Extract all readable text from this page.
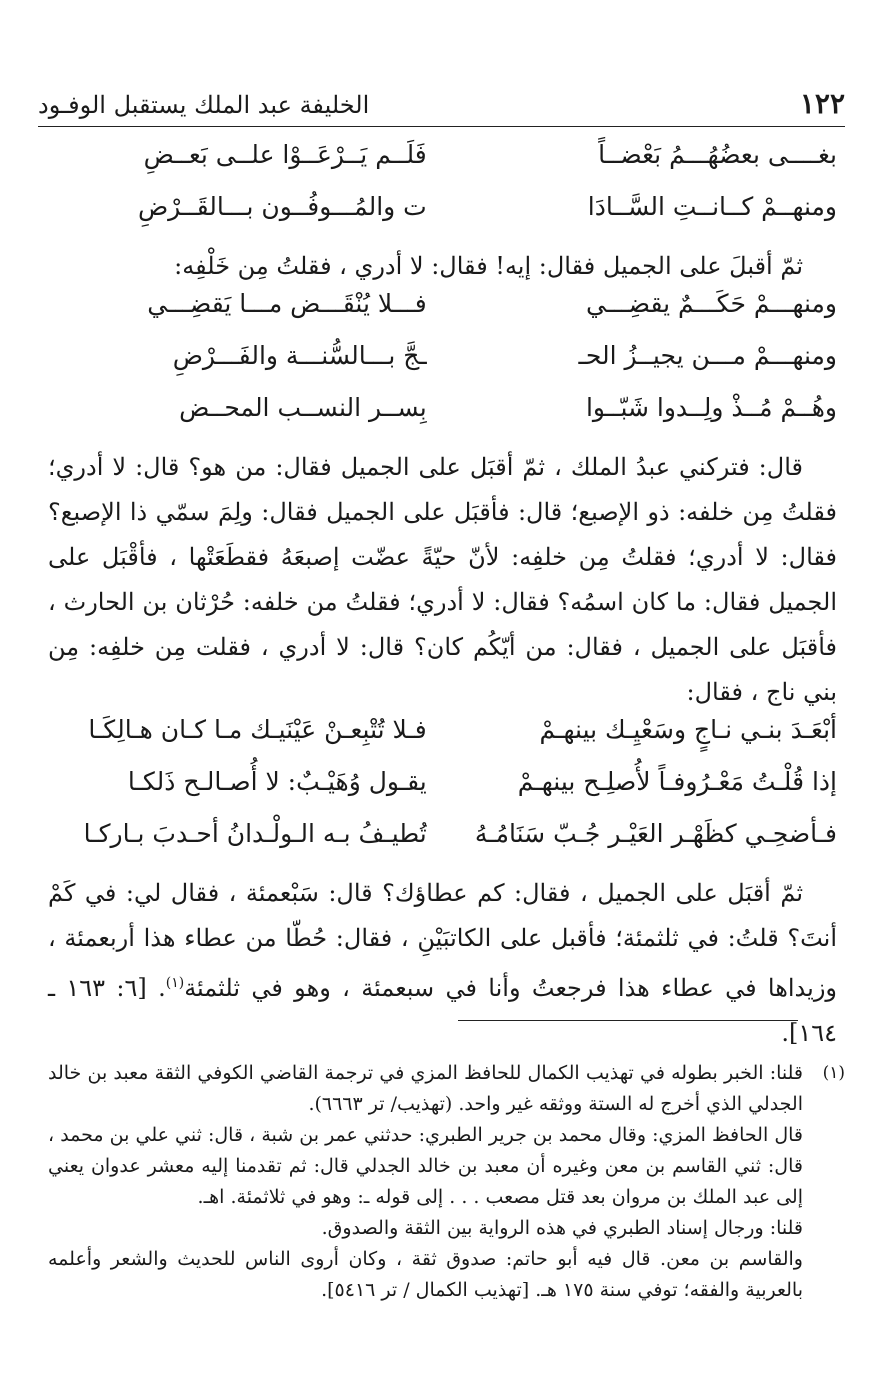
١٢٢
الخليفة عبد الملك يستقبل الوفـود
بغــــى بعضُهُـــمُ بَعْضــاً
فَلَــم يَــرْعَــوْا علــى بَعــضِ
ومنهــمْ كــانــتِ السَّــادَا
ت والمُـــوفُــون بـــالقَــرْضِ

ثمّ أقبلَ على الجميل فقال: إيه! فقال: لا أدري ، فقلتُ مِن خَلْفِه:

ومنهـــمْ حَكَـــمٌ يقضِـــي
فـــلا يُنْقَـــض مـــا يَقضِـــي
ومنهـــمْ مـــن يجيــزُ الحـ
ـجَّ بـــالسُّنـــة والفَـــرْضِ
وهُــمْ مُــذْ ولِــدوا شَبّــوا
بِســر النســب المحــض

قال: فتركني عبدُ الملك ، ثمّ أقبَل على الجميل فقال: من هو؟ قال: لا أدري؛ فقلتُ مِن خلفه: ذو الإصبع؛ قال: فأقبَل على الجميل فقال: ولِمَ سمّي ذا الإصبع؟ فقال: لا أدري؛ فقلتُ مِن خلفِه: لأنّ حيّةً عضّت إصبعَهُ فقطَعَتْها ، فأقْبَل على الجميل فقال: ما كان اسمُه؟ فقال: لا أدري؛ فقلتُ من خلفه: حُرْثان بن الحارث ، فأقبَل على الجميل ، فقال: من أيّكُم كان؟ قال: لا أدري ، فقلت مِن خلفِه: مِن بني ناج ، فقال:

أبْعَـدَ بنـي نـاجٍ وسَعْيِـك بينهـمْ
فـلا تُتْبِعـنْ عَيْنَيـك مـا كـان هـالِكَـا
إذا قُلْـتُ مَعْـرُوفـاً لأُصلِـح بينهـمْ
يقـول وُهَيْـبٌ: لا أُصـالـح ذَلكـا
فـأضحِـي كظَهْـر العَيْـر جُـبّ سَنَامُـهُ
تُطيـفُ بـه الـولْـدانُ أحـدبَ بـاركـا

ثمّ أقبَل على الجميل ، فقال: كم عطاؤك؟ قال: سَبْعمئة ، فقال لي: في كَمْ أنتَ؟ قلتُ: في ثلثمئة؛ فأقبل على الكاتبَيْنِ ، فقال: حُطّا من عطاء هذا أربعمئة ، وزيداها في عطاء هذا فرجعتُ وأنا في سبعمئة ، وهو في ثلثمئة$^{(١)}$. [٦: ١٦٣ ـ ١٦٤].

(١)

قلنا: الخبر بطوله في تهذيب الكمال للحافظ المزي في ترجمة القاضي الكوفي الثقة معبد بن خالد الجدلي الذي أخرج له الستة ووثقه غير واحد. (تهذيب/ تر ٦٦٦٣).

قال الحافظ المزي: وقال محمد بن جرير الطبري: حدثني عمر بن شبة ، قال: ثني علي بن محمد ، قال: ثني القاسم بن معن وغيره أن معبد بن خالد الجدلي قال: ثم تقدمنا إليه معشر عدوان يعني إلى عبد الملك بن مروان بعد قتل مصعب . . . إلى قوله ـ: وهو في ثلاثمئة. اهـ.

قلنا: ورجال إسناد الطبري في هذه الرواية بين الثقة والصدوق.

والقاسم بن معن. قال فيه أبو حاتم: صدوق ثقة ، وكان أروى الناس للحديث والشعر وأعلمه بالعربية والفقه؛ توفي سنة ١٧٥ هـ. [تهذيب الكمال / تر ٥٤١٦].
